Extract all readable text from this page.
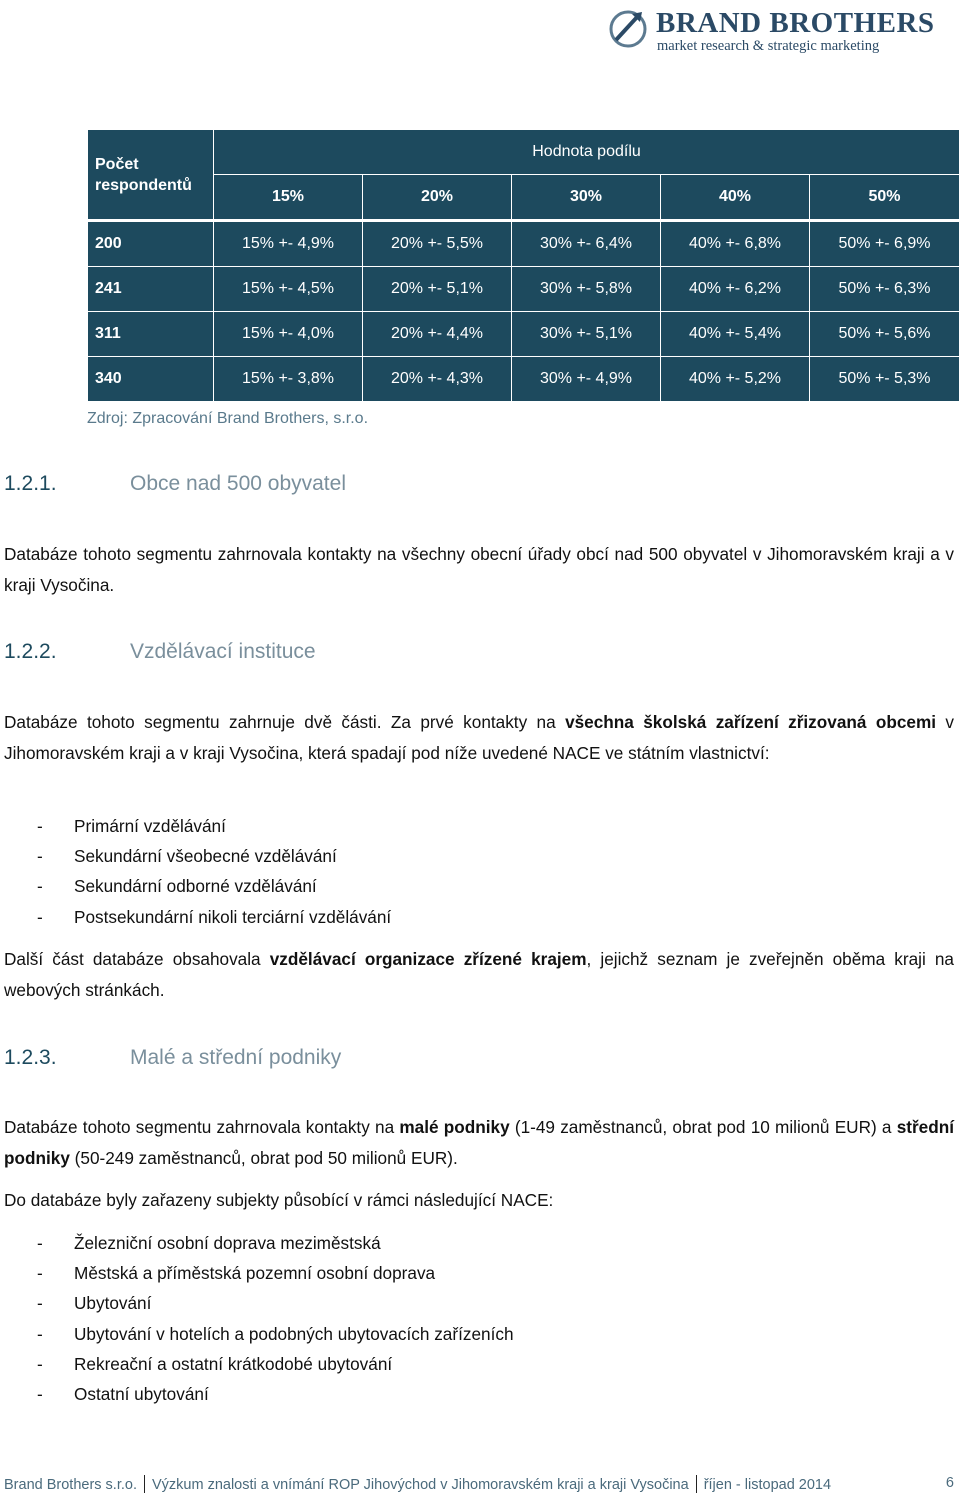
BRAND BROTHERS
market research & strategic marketing
Počet respondentů	Hodnota podílu				
	15%	20%	30%	40%	50%

200	15% +- 4,9%	20% +- 5,5%	30% +- 6,4%	40% +- 6,8%	50% +- 6,9%
241	15% +- 4,5%	20% +- 5,1%	30% +- 5,8%	40% +- 6,2%	50% +- 6,3%
311	15% +- 4,0%	20% +- 4,4%	30% +- 5,1%	40% +- 5,4%	50% +- 5,6%
340	15% +- 3,8%	20% +- 4,3%	30% +- 4,9%	40% +- 5,2%	50% +- 5,3%
Zdroj: Zpracování Brand Brothers, s.r.o.
1.2.1.	Obce nad 500 obyvatel

Databáze tohoto segmentu zahrnovala kontakty na všechny obecní úřady obcí nad 500 obyvatel v Jihomoravském kraji a v kraji Vysočina.

1.2.2.	Vzdělávací instituce

Databáze tohoto segmentu zahrnuje dvě části. Za prvé kontakty na všechna školská zařízení zřizovaná obcemi v Jihomoravském kraji a v kraji Vysočina, která spadají pod níže uvedené NACE ve státním vlastnictví:

- Primární vzdělávání
- Sekundární všeobecné vzdělávání
- Sekundární odborné vzdělávání
- Postsekundární nikoli terciární vzdělávání

Další část databáze obsahovala vzdělávací organizace zřízené krajem, jejichž seznam je zveřejněn oběma kraji na webových stránkách.

1.2.3.	Malé a střední podniky

Databáze tohoto segmentu zahrnovala kontakty na malé podniky (1-49 zaměstnanců, obrat pod 10 milionů EUR) a střední podniky (50-249 zaměstnanců, obrat pod 50 milionů EUR).

Do databáze byly zařazeny subjekty působící v rámci následující NACE:

- Železniční osobní doprava meziměstská
- Městská a příměstská pozemní osobní doprava
- Ubytování
- Ubytování v hotelích a podobných ubytovacích zařízeních
- Rekreační a ostatní krátkodobé ubytování
- Ostatní ubytování
Brand Brothers s.r.o. Výzkum znalosti a vnímání ROP Jihovýchod v Jihomoravském kraji a kraji Vysočina říjen - listopad 2014	6
